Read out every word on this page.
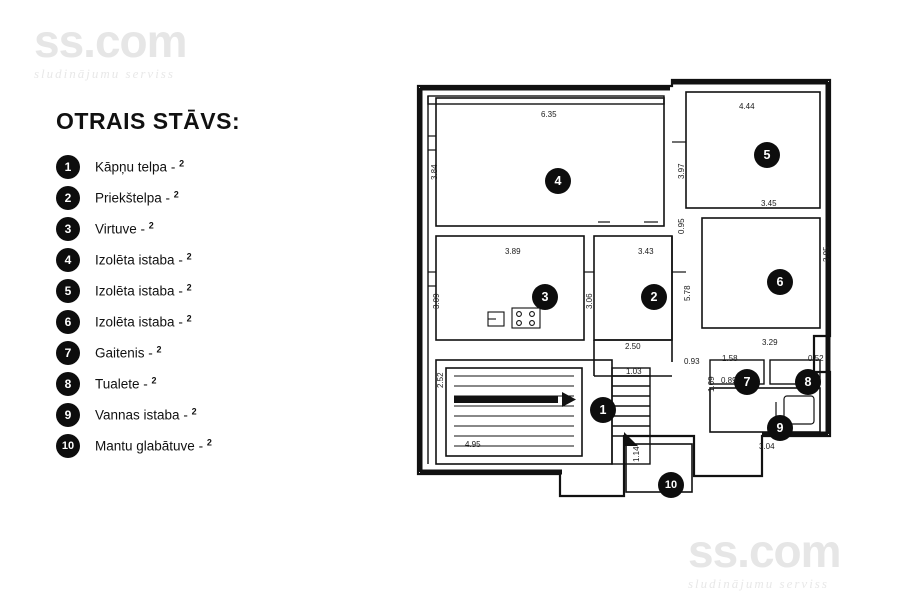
ss.com
sludinājumu serviss
ss.com
sludinājumu serviss
OTRAIS STĀVS:
1	Kāpņu telpa - $^2$
2	Priekštelpa - $^2$
3	Virtuve - $^2$
4	Izolēta istaba - $^2$
5	Izolēta istaba - $^2$
6	Izolēta istaba - $^2$
7	Gaitenis - $^2$
8	Tualete - $^2$
9	Vannas istaba - $^2$
10	Mantu glabātuve - $^2$
1
2
3
4
5
6
7	8
9
10
6.35
4.44
3.84	3.97
3.45
0.95
3.89	3.43	3.95
3.09	3.06
5.78
3.29
2.50
0.93	1.58	0.52
1.03
0.89
2.52	1.69
3.04
4.95
1.14
